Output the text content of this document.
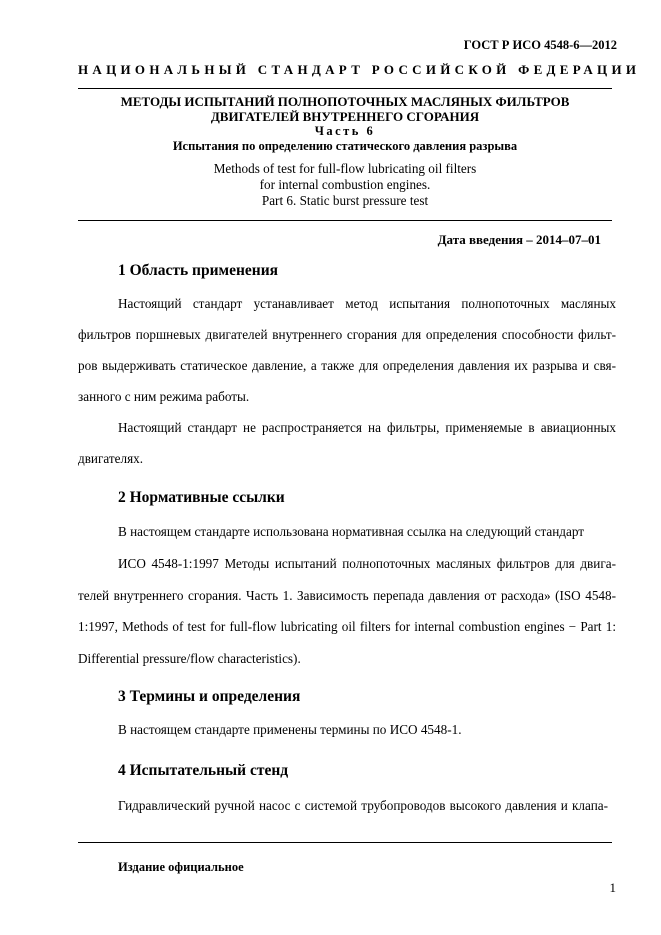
ГОСТ Р ИСО 4548-6—2012
НАЦИОНАЛЬНЫЙ СТАНДАРТ РОССИЙСКОЙ ФЕДЕРАЦИИ
МЕТОДЫ ИСПЫТАНИЙ ПОЛНОПОТОЧНЫХ МАСЛЯНЫХ ФИЛЬТРОВ
ДВИГАТЕЛЕЙ ВНУТРЕННЕГО СГОРАНИЯ
Часть 6
Испытания по определению статического давления разрыва
Methods of test for full-flow lubricating oil filters
for internal combustion engines.
Part 6. Static burst pressure test
Дата введения – 2014–07–01
1 Область применения
Настоящий стандарт устанавливает метод испытания полнопоточных масляных
фильтров поршневых двигателей внутреннего сгорания для определения способности фильт-
ров выдерживать статическое давление, а также для определения давления их разрыва и свя-
занного с ним режима работы.
Настоящий стандарт не распространяется на фильтры, применяемые в авиационных
двигателях.
2 Нормативные ссылки
В настоящем стандарте использована нормативная ссылка на следующий стандарт
ИСО 4548-1:1997 Методы испытаний полнопоточных масляных фильтров для двига-
телей внутреннего сгорания. Часть 1. Зависимость перепада давления от расхода» (ISO 4548-
1:1997, Methods of test for full-flow lubricating oil filters for internal combustion engines − Part 1:
Differential pressure/flow characteristics).
3 Термины и определения
В настоящем стандарте применены термины по ИСО 4548-1.
4 Испытательный стенд
Гидравлический ручной насос с системой трубопроводов высокого давления и клапа-
Издание официальное
1
